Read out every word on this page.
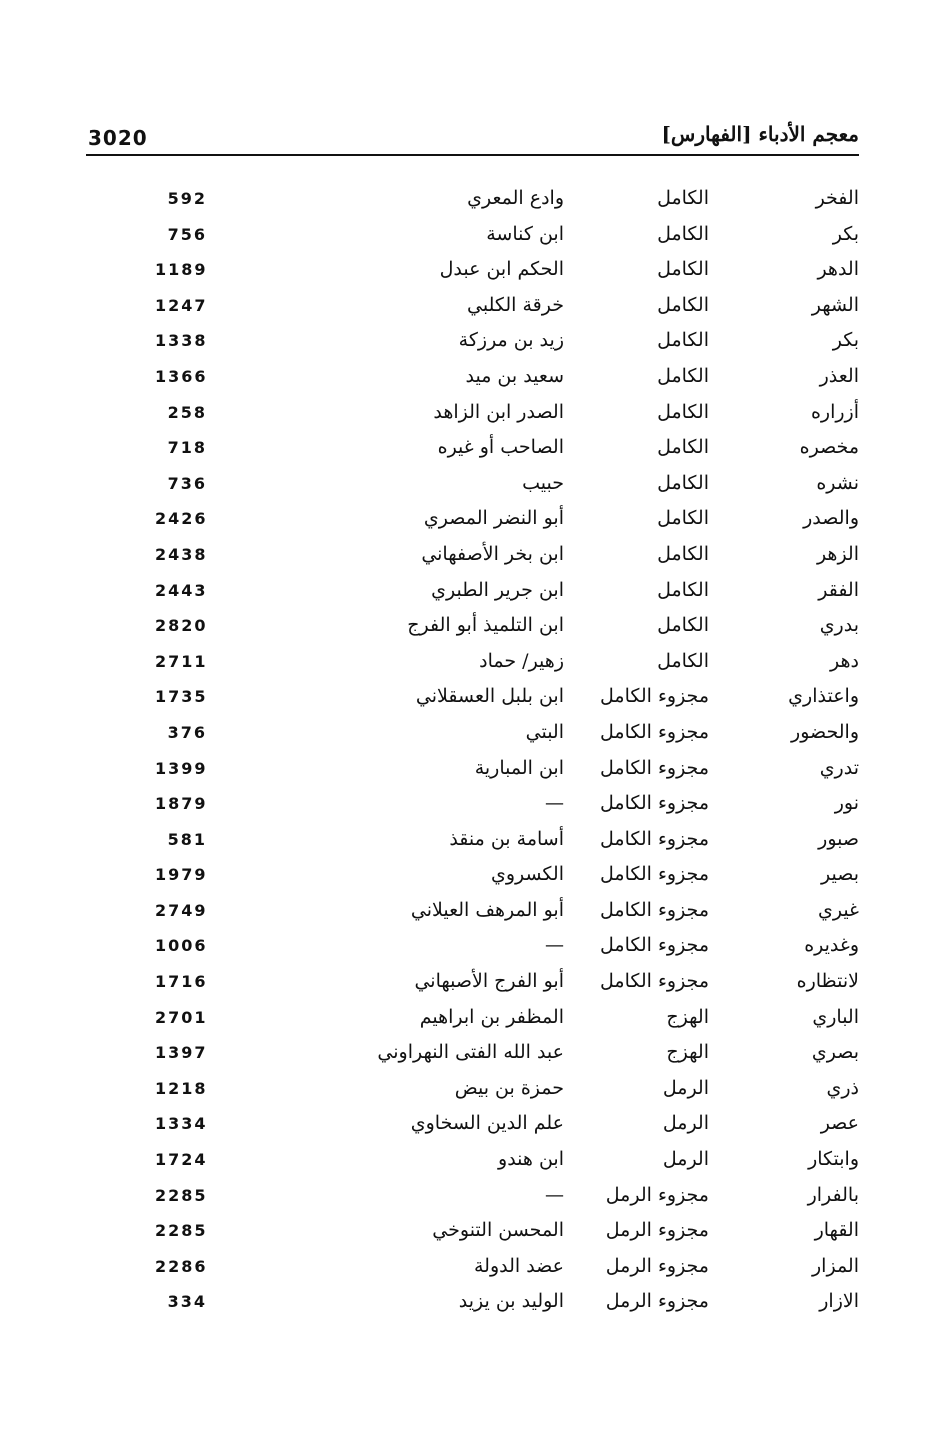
3020	معجم الأدباء [الفهارس]
الفخر
الكامل
وادع المعري
592
بكر
الكامل
ابن كناسة
756
الدهر
الكامل
الحكم ابن عبدل
1189
الشهر
الكامل
خرقة الكلبي
1247
بكر
الكامل
زيد بن مرزكة
1338
العذر
الكامل
سعيد بن ميد
1366
أزراره
الكامل
الصدر ابن الزاهد
258
مخصره
الكامل
الصاحب أو غيره
718
نشره
الكامل
حبيب
736
والصدر
الكامل
أبو النضر المصري
2426
الزهر
الكامل
ابن بخر الأصفهاني
2438
الفقر
الكامل
ابن جرير الطبري
2443
بدري
الكامل
ابن التلميذ أبو الفرج
2820
دهر
الكامل
زهير/ حماد
2711
واعتذاري
مجزوء الكامل
ابن بلبل العسقلاني
1735
والحضور
مجزوء الكامل
البتي
376
تدري
مجزوء الكامل
ابن المبارية
1399
نور
مجزوء الكامل
—
1879
صبور
مجزوء الكامل
أسامة بن منقذ
581
بصير
مجزوء الكامل
الكسروي
1979
غيري
مجزوء الكامل
أبو المرهف العيلاني
2749
وغديره
مجزوء الكامل
—
1006
لانتظاره
مجزوء الكامل
أبو الفرج الأصبهاني
1716
الباري
الهزج
المظفر بن ابراهيم
2701
بصري
الهزج
عبد الله الفتى النهراوني
1397
ذري
الرمل
حمزة بن بيض
1218
عصر
الرمل
علم الدين السخاوي
1334
وابتكار
الرمل
ابن هندو
1724
بالفرار
مجزوء الرمل
—
2285
القهار
مجزوء الرمل
المحسن التنوخي
2285
المزار
مجزوء الرمل
عضد الدولة
2286
الازار
مجزوء الرمل
الوليد بن يزيد
334
